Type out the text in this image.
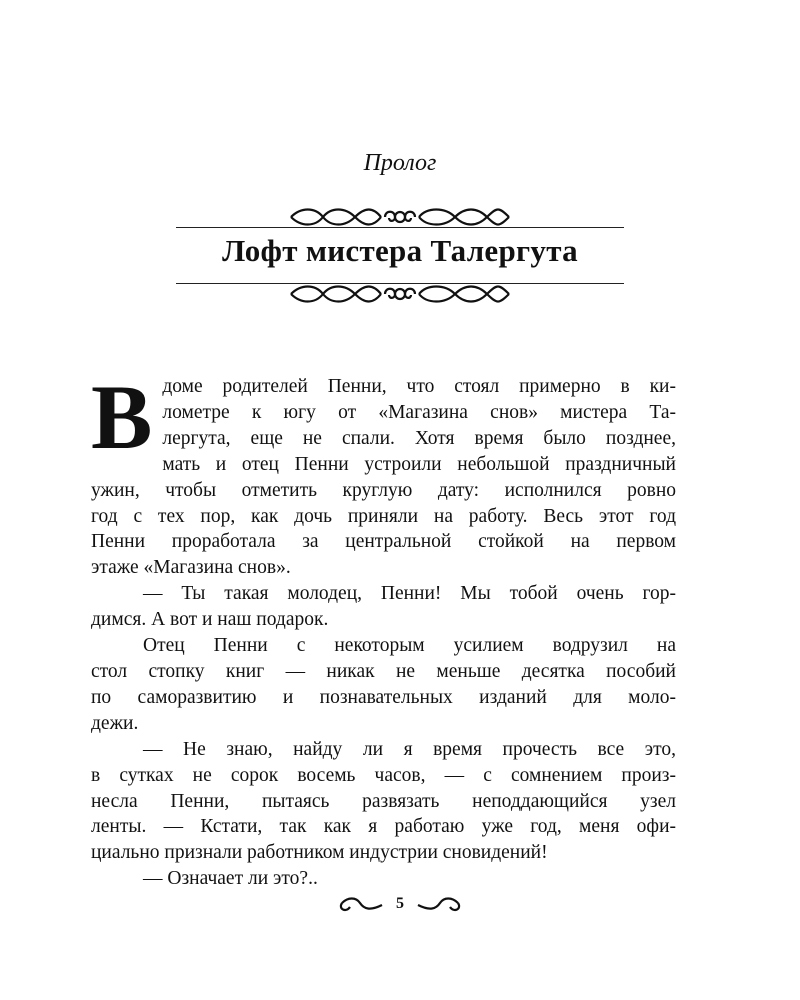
Пролог
Лофт мистера Талергута
В доме родителей Пенни, что стоял примерно в ки-

лометре к югу от «Магазина снов» мистера Та-

лергута, еще не спали. Хотя время было позднее,

мать и отец Пенни устроили небольшой праздничный

ужин, чтобы отметить круглую дату: исполнился ровно

год с тех пор, как дочь приняли на работу. Весь этот год

Пенни проработала за центральной стойкой на первом

этаже «Магазина снов».

— Ты такая молодец, Пенни! Мы тобой очень гор-

димся. А вот и наш подарок.

Отец Пенни с некоторым усилием водрузил на

стол стопку книг — никак не меньше десятка пособий

по саморазвитию и познавательных изданий для моло-

дежи.

— Не знаю, найду ли я время прочесть все это,

в сутках не сорок восемь часов, — с сомнением произ-

несла Пенни, пытаясь развязать неподдающийся узел

ленты. — Кстати, так как я работаю уже год, меня офи-

циально признали работником индустрии сновидений!

— Означает ли это?..

5
